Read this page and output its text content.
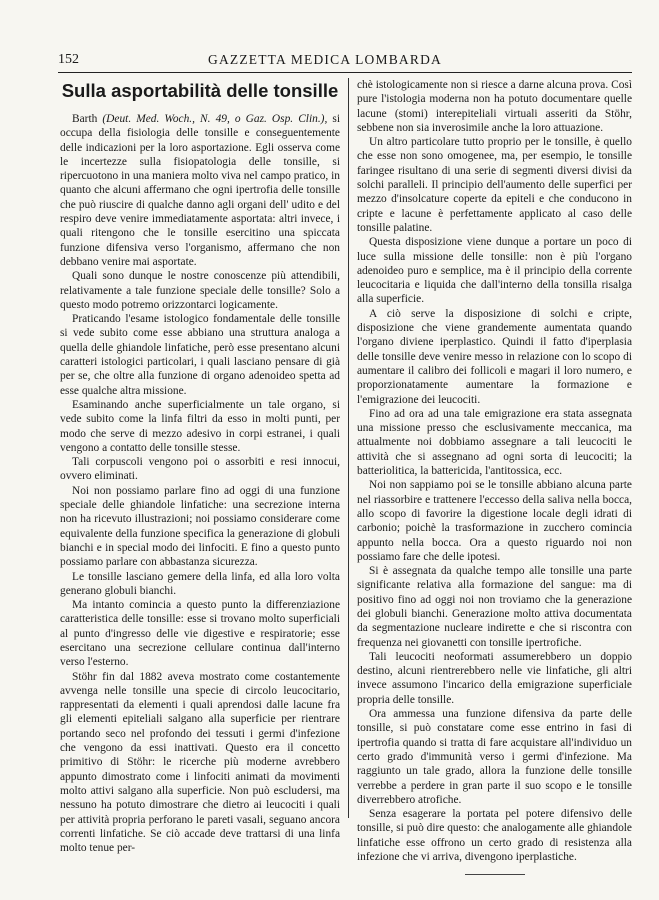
152	GAZZETTA MEDICA LOMBARDA
Sulla asportabilità delle tonsille

Barth (Deut. Med. Woch., N. 49, o Gaz. Osp. Clin.), si occupa della fisiologia delle tonsille e conseguentemente delle indicazioni per la loro asportazione. Egli osserva come le incertezze sulla fisiopatologia delle tonsille, si ripercuotono in una maniera molto viva nel campo pratico, in quanto che alcuni affermano che ogni ipertrofia delle tonsille che può riuscire di qualche danno agli organi dell' udito e del respiro deve venire immediatamente asportata: altri invece, i quali ritengono che le tonsille esercitino una spiccata funzione difensiva verso l'organismo, affermano che non debbano venire mai asportate.

Quali sono dunque le nostre conoscenze più attendibili, relativamente a tale funzione speciale delle tonsille? Solo a questo modo potremo orizzontarci logicamente.

Praticando l'esame istologico fondamentale delle tonsille si vede subito come esse abbiano una struttura analoga a quella delle ghiandole linfatiche, però esse presentano alcuni caratteri istologici particolari, i quali lasciano pensare di già per se, che oltre alla funzione di organo adenoideo spetta ad esse qualche altra missione.

Esaminando anche superficialmente un tale organo, si vede subito come la linfa filtri da esso in molti punti, per modo che serve di mezzo adesivo in corpi estranei, i quali vengono a contatto delle tonsille stesse.

Tali corpuscoli vengono poi o assorbiti e resi innocui, ovvero eliminati.

Noi non possiamo parlare fino ad oggi di una funzione speciale delle ghiandole linfatiche: una secrezione interna non ha ricevuto illustrazioni; noi possiamo considerare come equivalente della funzione specifica la generazione di globuli bianchi e in special modo dei linfociti. E fino a questo punto possiamo parlare con abbastanza sicurezza.

Le tonsille lasciano gemere della linfa, ed alla loro volta generano globuli bianchi.

Ma intanto comincia a questo punto la differenziazione caratteristica delle tonsille: esse si trovano molto superficiali al punto d'ingresso delle vie digestive e respiratorie; esse esercitano una secrezione cellulare continua dall'interno verso l'esterno.

Stöhr fin dal 1882 aveva mostrato come costantemente avvenga nelle tonsille una specie di circolo leucocitario, rappresentati da elementi i quali aprendosi dalle lacune fra gli elementi epiteliali salgano alla superficie per rientrare portando seco nel profondo dei tessuti i germi d'infezione che vengono da essi inattivati. Questo era il concetto primitivo di Stöhr: le ricerche più moderne avrebbero appunto dimostrato come i linfociti animati da movimenti molto attivi salgano alla superficie. Non può escludersi, ma nessuno ha potuto dimostrare che dietro ai leucociti i quali per attività propria perforano le pareti vasali, seguano ancora correnti linfatiche. Se ciò accade deve trattarsi di una linfa molto tenue per-

chè istologicamente non si riesce a darne alcuna prova. Così pure l'istologia moderna non ha potuto documentare quelle lacune (stomi) interepiteliali virtuali asseriti da Stöhr, sebbene non sia inverosimile anche la loro attuazione.

Un altro particolare tutto proprio per le tonsille, è quello che esse non sono omogenee, ma, per esempio, le tonsille faringee risultano di una serie di segmenti diversi divisi da solchi paralleli. Il principio dell'aumento delle superfici per mezzo d'insolcature coperte da epiteli e che conducono in cripte e lacune è perfettamente applicato al caso delle tonsille palatine.

Questa disposizione viene dunque a portare un poco di luce sulla missione delle tonsille: non è più l'organo adenoideo puro e semplice, ma è il principio della corrente leucocitaria e liquida che dall'interno della tonsilla risalga alla superficie.

A ciò serve la disposizione di solchi e cripte, disposizione che viene grandemente aumentata quando l'organo diviene iperplastico. Quindi il fatto d'iperplasia delle tonsille deve venire messo in relazione con lo scopo di aumentare il calibro dei follicoli e magari il loro numero, e proporzionatamente aumentare la formazione e l'emigrazione dei leucociti.

Fino ad ora ad una tale emigrazione era stata assegnata una missione presso che esclusivamente meccanica, ma attualmente noi dobbiamo assegnare a tali leucociti le attività che si assegnano ad ogni sorta di leucociti; la batteriolitica, la battericida, l'antitossica, ecc.

Noi non sappiamo poi se le tonsille abbiano alcuna parte nel riassorbire e trattenere l'eccesso della saliva nella bocca, allo scopo di favorire la digestione locale degli idrati di carbonio; poichè la trasformazione in zucchero comincia appunto nella bocca. Ora a questo riguardo noi non possiamo fare che delle ipotesi.

Si è assegnata da qualche tempo alle tonsille una parte significante relativa alla formazione del sangue: ma di positivo fino ad oggi noi non troviamo che la generazione dei globuli bianchi. Generazione molto attiva documentata da segmentazione nucleare indirette e che si riscontra con frequenza nei giovanetti con tonsille ipertrofiche.

Tali leucociti neoformati assumerebbero un doppio destino, alcuni rientrerebbero nelle vie linfatiche, gli altri invece assumono l'incarico della emigrazione superficiale propria delle tonsille.

Ora ammessa una funzione difensiva da parte delle tonsille, si può constatare come esse entrino in fasi di ipertrofia quando si tratta di fare acquistare all'individuo un certo grado d'immunità verso i germi d'infezione. Ma raggiunto un tale grado, allora la funzione delle tonsille verrebbe a perdere in gran parte il suo scopo e le tonsille diverrebbero atrofiche.

Senza esagerare la portata pel potere difensivo delle tonsille, si può dire questo: che analogamente alle ghiandole linfatiche esse offrono un certo grado di resistenza alla infezione che vi arriva, divengono iperplastiche.
